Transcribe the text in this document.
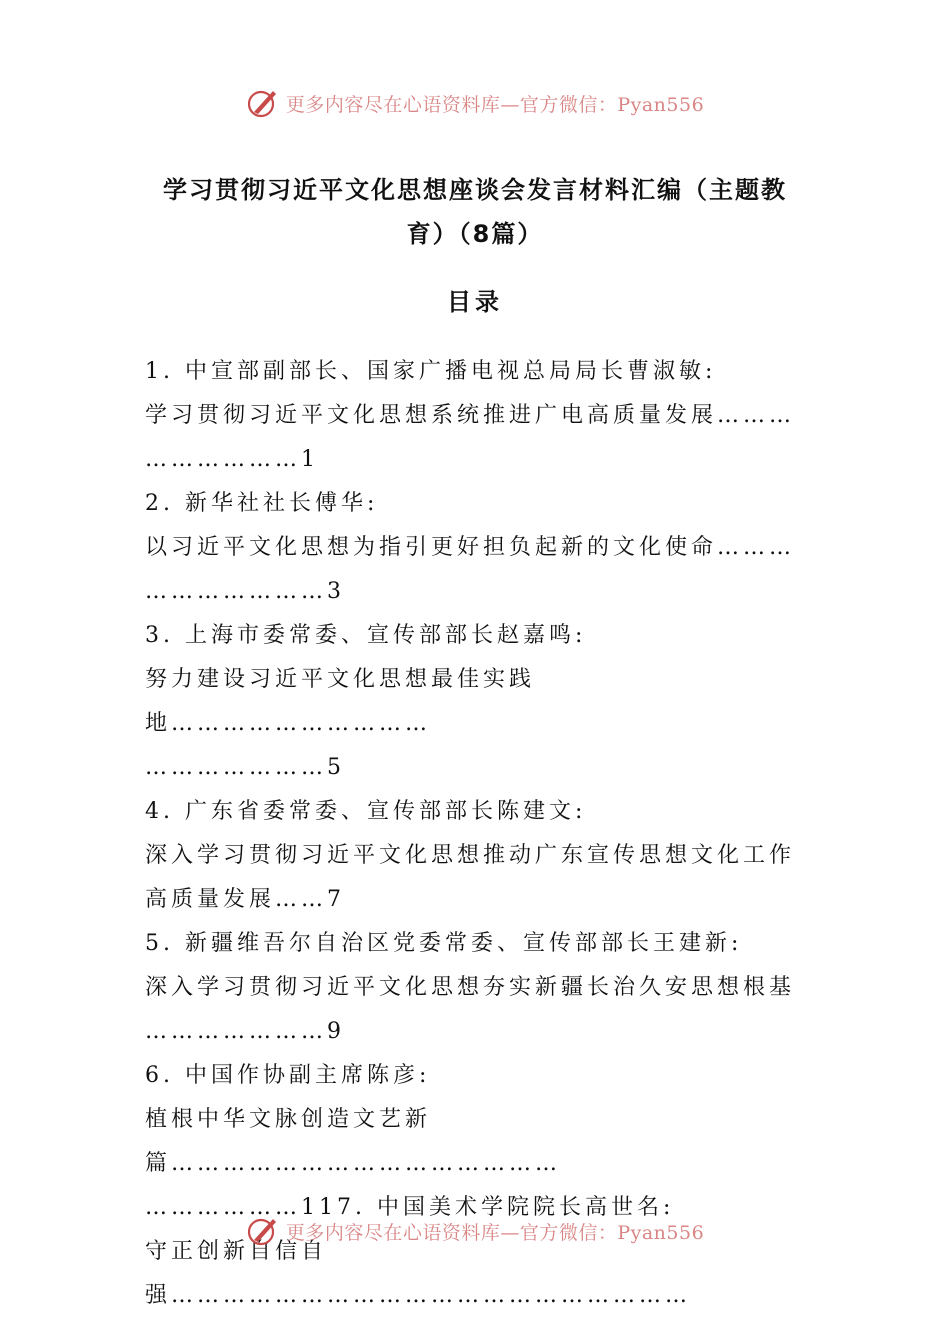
更多内容尽在心语资料库—官方微信：Pyan556
学习贯彻习近平文化思想座谈会发言材料汇编（主题教育）（8篇）
目录

1. 中宣部副部长、国家广播电视总局局长曹淑敏:

学习贯彻习近平文化思想系统推进广电高质量发展………

………………1

2. 新华社社长傅华:

以习近平文化思想为指引更好担负起新的文化使命………

…………………3

3. 上海市委常委、宣传部部长赵嘉鸣:

努力建设习近平文化思想最佳实践地…………………………

…………………5

4. 广东省委常委、宣传部部长陈建文:

深入学习贯彻习近平文化思想推动广东宣传思想文化工作

高质量发展……7

5. 新疆维吾尔自治区党委常委、宣传部部长王建新:

深入学习贯彻习近平文化思想夯实新疆长治久安思想根基

…………………9

6. 中国作协副主席陈彦:

植根中华文脉创造文艺新篇………………………………………

………………117. 中国美术学院院长高世名:

守正创新自信自强……………………………………………………

更多内容尽在心语资料库—官方微信：Pyan556
